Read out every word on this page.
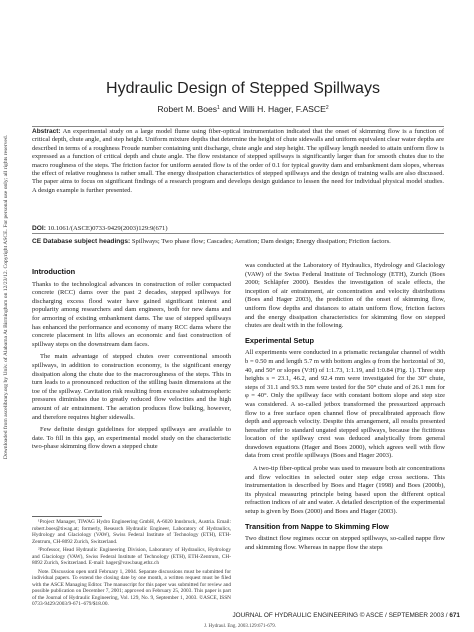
Downloaded from ascelibrary.org by Univ. of Alabama At Birmingham on 12/23/12. Copyright ASCE. For personal use only; all rights reserved.
Hydraulic Design of Stepped Spillways
Robert M. Boes$^1$ and Willi H. Hager, F.ASCE$^2$
Abstract: An experimental study on a large model flume using fiber-optical instrumentation indicated that the onset of skimming flow is a function of critical depth, chute angle, and step height. Uniform mixture depths that determine the height of chute sidewalls and uniform equivalent clear water depths are described in terms of a roughness Froude number containing unit discharge, chute angle and step height. The spillway length needed to attain uniform flow is expressed as a function of critical depth and chute angle. The flow resistance of stepped spillways is significantly larger than for smooth chutes due to the macro roughness of the steps. The friction factor for uniform aerated flow is of the order of 0.1 for typical gravity dam and embankment dam slopes, whereas the effect of relative roughness is rather small. The energy dissipation characteristics of stepped spillways and the design of training walls are also discussed. The paper aims to focus on significant findings of a research program and develops design guidance to lessen the need for individual physical model studies. A design example is further presented.
DOI: 10.1061/(ASCE)0733-9429(2003)129:9(671)
CE Database subject headings: Spillways; Two phase flow; Cascades; Aeration; Dam design; Energy dissipation; Friction factors.
Introduction

Thanks to the technological advances in construction of roller compacted concrete (RCC) dams over the past 2 decades, stepped spillways for discharging excess flood water have gained significant interest and popularity among researchers and dam engineers, both for new dams and for armoring of existing embankment dams. The use of stepped spillways has enhanced the performance and economy of many RCC dams where the concrete placement in lifts allows an economic and fast construction of spillway steps on the downstream dam faces.

The main advantage of stepped chutes over conventional smooth spillways, in addition to construction economy, is the significant energy dissipation along the chute due to the macroroughness of the steps. This in turn leads to a pronounced reduction of the stilling basin dimensions at the toe of the spillway. Cavitation risk resulting from excessive subatmospheric pressures diminishes due to greatly reduced flow velocities and the high amount of air entrainment. The aeration produces flow bulking, however, and therefore requires higher sidewalls.

Few definite design guidelines for stepped spillways are available to date. To fill in this gap, an experimental model study on the characteristic two-phase skimming flow down a stepped chute

¹Project Manager, TIWAG Hydro Engineering GmbH, A-6020 Innsbruck, Austria. Email: robert.boes@tiwag.at; formerly, Research Hydraulic Engineer, Laboratory of Hydraulics, Hydrology and Glaciology (VAW), Swiss Federal Institute of Technology (ETH), ETH-Zentrum, CH-8092 Zurich, Switzerland.

²Professor, Head Hydraulic Engineering Division, Laboratory of Hydraulics, Hydrology and Glaciology (VAW), Swiss Federal Institute of Technology (ETH), ETH-Zentrum, CH-8092 Zurich, Switzerland. E-mail: hager@vaw.baug.ethz.ch

Note. Discussion open until February 1, 2004. Separate discussions must be submitted for individual papers. To extend the closing date by one month, a written request must be filed with the ASCE Managing Editor. The manuscript for this paper was submitted for review and possible publication on December 7, 2001; approved on February 25, 2003. This paper is part of the Journal of Hydraulic Engineering, Vol. 129, No. 9, September 1, 2003. ©ASCE, ISSN 0733-9429/2003/9-671–679/$18.00.

was conducted at the Laboratory of Hydraulics, Hydrology and Glaciology (VAW) of the Swiss Federal Institute of Technology (ETH), Zurich (Boes 2000; Schläpfer 2000). Besides the investigation of scale effects, the inception of air entrainment, air concentration and velocity distributions (Boes and Hager 2003), the prediction of the onset of skimming flow, uniform flow depths and distances to attain uniform flow, friction factors and the energy dissipation characteristics for skimming flow on stepped chutes are dealt with in the following.

Experimental Setup

All experiments were conducted in a prismatic rectangular channel of width b = 0.50 m and length 5.7 m with bottom angles φ from the horizontal of 30, 40, and 50° or slopes (V:H) of 1:1.73, 1:1.19, and 1:0.84 (Fig. 1). Three step heights s = 23.1, 46.2, and 92.4 mm were investigated for the 30° chute, steps of 31.1 and 93.3 mm were tested for the 50° chute and of 26.1 mm for φ = 40°. Only the spillway face with constant bottom slope and step size was considered. A so-called jetbox transformed the pressurized approach flow to a free surface open channel flow of precalibrated approach flow depth and approach velocity. Despite this arrangement, all results presented hereafter refer to standard ungated stepped spillways, because the fictitious location of the spillway crest was deduced analytically from general drawdown equations (Hager and Boes 2000), which agrees well with flow data from crest profile spillways (Boes and Hager 2003).

A two-tip fiber-optical probe was used to measure both air concentrations and flow velocities in selected outer step edge cross sections. This instrumentation is described by Boes and Hager (1998) and Boes (2000b), its physical measuring principle being based upon the different optical refraction indices of air and water. A detailed description of the experimental setup is given by Boes (2000) and Boes and Hager (2003).

Transition from Nappe to Skimming Flow

Two distinct flow regimes occur on stepped spillways, so-called nappe flow and skimming flow. Whereas in nappe flow the steps

JOURNAL OF HYDRAULIC ENGINEERING © ASCE / SEPTEMBER 2003 / 671
J. Hydraul. Eng. 2003.129:671-679.
